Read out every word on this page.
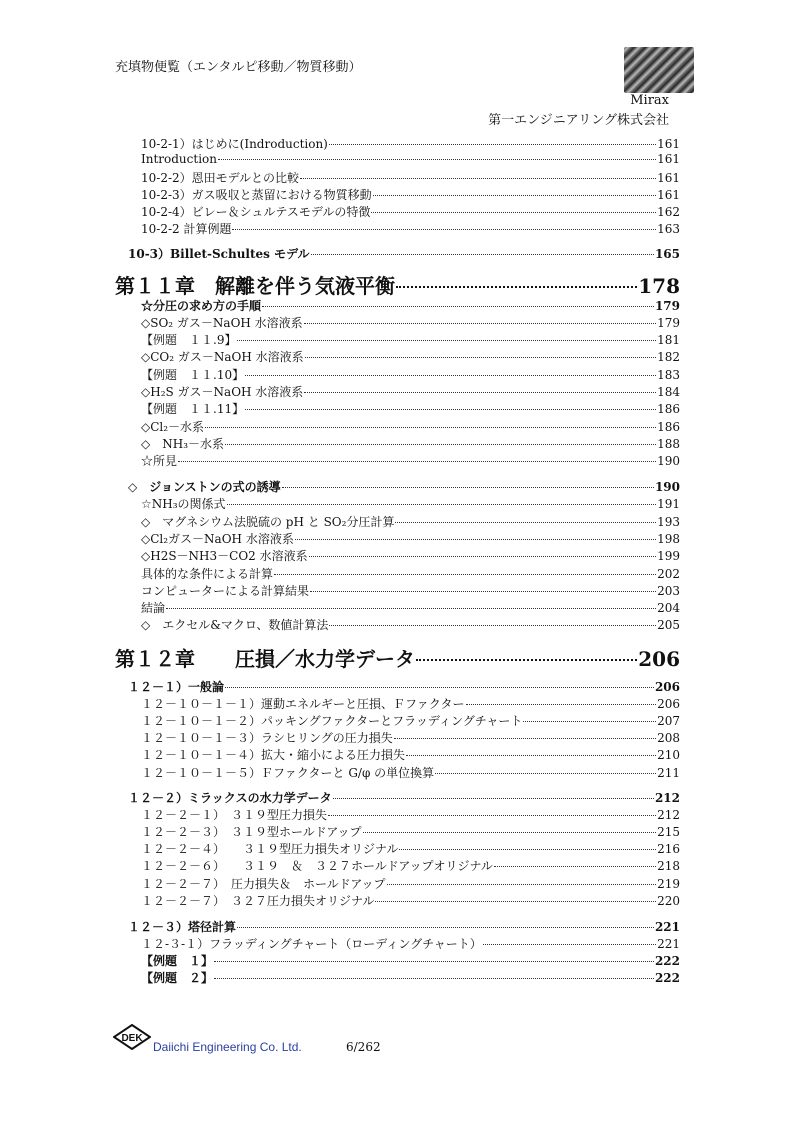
充填物便覧（エンタルピ移動／物質移動）
Mirax
第一エンジニアリング株式会社
10-2-1）はじめに(Indroduction)	161
Introduction	161
10-2-2）恩田モデルとの比較	161
10-2-3）ガス吸収と蒸留における物質移動	161
10-2-4）ビレー＆シュルテスモデルの特徴	162
10-2-2 計算例題	163
10-3）Billet-Schultes モデル	165
第１１章　解離を伴う気液平衡	178
☆分圧の求め方の手順	179
◇SO₂ ガス－NaOH 水溶液系	179
【例題　１１.9】	181
◇CO₂ ガス－NaOH 水溶液系	182
【例題　１１.10】	183
◇H₂S ガス－NaOH 水溶液系	184
【例題　１１.11】	186
◇Cl₂－水系	186
◇　NH₃－水系	188
☆所見	190
◇　ジョンストンの式の誘導	190
☆NH₃の関係式	191
◇　マグネシウム法脱硫の pH と SO₂分圧計算	193
◇Cl₂ガス－NaOH 水溶液系	198
◇H2S－NH3－CO2 水溶液系	199
具体的な条件による計算	202
コンピューターによる計算結果	203
結論	204
◇　エクセル&マクロ、数値計算法	205
第１２章　　圧損／水力学データ	206
１２－１）一般論	206
１２－１０－１－１）運動エネルギーと圧損、Ｆファクター	206
１２－１０－１－２）パッキングファクターとフラッディングチャート	207
１２－１０－１－３）ラシヒリングの圧力損失	208
１２－１０－１－４）拡大・縮小による圧力損失	210
１２－１０－１－５）Ｆファクターと G/φ の単位換算	211
１２－２）ミラックスの水力学データ	212
１２－２－１）　３１９型圧力損失	212
１２－２－３）　３１９型ホールドアップ	215
１２－２－４）　　３１９型圧力損失オリジナル	216
１２－２－６）　　３１９　＆　３２７ホールドアップオリジナル	218
１２－２－７）　圧力損失＆　ホールドアップ	219
１２－２－７）　３２７圧力損失オリジナル	220
１２－３）塔径計算	221
１２-３-１）フラッディングチャート（ローディングチャート）	221
【例題　１】	222
【例題　２】	222
DEK
Daiichi Engineering Co. Ltd.	6/262
